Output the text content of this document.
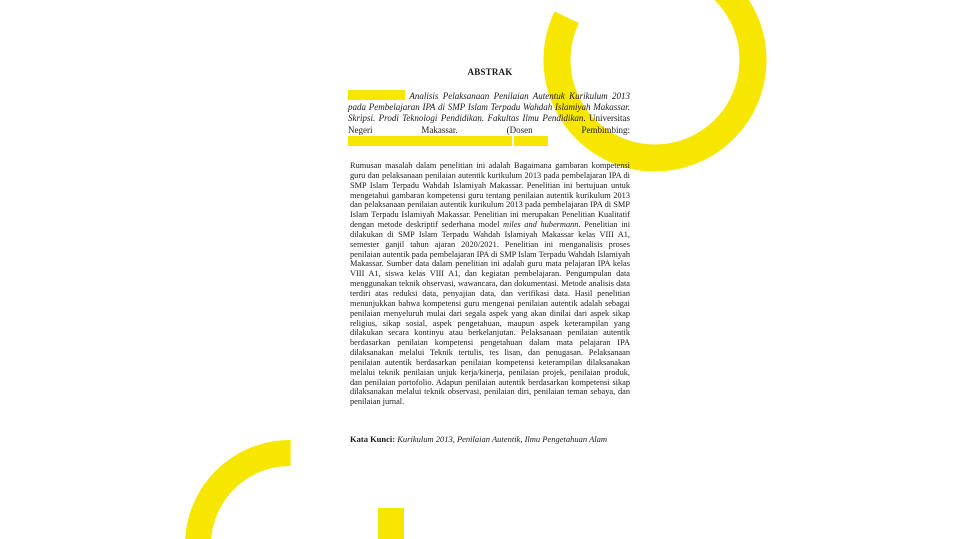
ABSTRAK
Analisis Pelaksanaan Penilaian Autentuk Kurikulum 2013 pada Pembelajaran IPA di SMP Islam Terpadu Wahdah Islamiyah Makassar. Skripsi. Prodi Teknologi Pendidikan. Fakultas Ilmu Pendidikan. Universitas Negeri Makassar. (Dosen Pembimbing:
Rumusan masalah dalam penelitian ini adalah Bagaimana gambaran kompetensi guru dan pelaksanaan penilaian autentik kurikulum 2013 pada pembelajaran IPA di SMP Islam Terpadu Wahdah Islamiyah Makassar. Penelitian ini bertujuan untuk mengetahui gambaran kompetensi guru tentang penilaian autentik kurikulum 2013 dan pelaksanaan penilaian autentik kurikulum 2013 pada pembelajaran IPA di SMP Islam Terpadu Islamiyah Makassar. Penelitian ini merupakan Penelitian Kualitatif dengan metode deskriptif sederhana model miles and hubermann. Penelitian ini dilakukan di SMP Islam Terpadu Wahdah Islamiyah Makassar kelas VIII A1, semester ganjil tahun ajaran 2020/2021. Penelitian ini menganalisis proses penilaian autentik pada pembelajaran IPA di SMP Islam Terpadu Wahdah Islamiyah Makassar. Sumber data dalam penelitian ini adalah guru mata pelajaran IPA kelas VIII A1, siswa kelas VIII A1, dan kegiatan pembelajaran. Pengumpulan data menggunakan teknik observasi, wawancara, dan dokumentasi. Metode analisis data terdiri atas reduksi data, penyajian data, dan verifikasi data. Hasil penelitian menunjukkan bahwa kompetensi guru mengenai penilaian autentik adalah sebagai penilaian menyeluruh mulai dari segala aspek yang akan dinilai dari aspek sikap religius, sikap sosial, aspek pengetahuan, maupun aspek keterampilan yang dilakukan secara kontinyu atau berkelanjutan. Pelaksanaan penilaian autentik berdasarkan penilaian kompetensi pengetahuan dalam mata pelajaran IPA dilaksanakan melalui Teknik tertulis, tes lisan, dan penugasan. Pelaksanaan penilaian autentik berdasarkan penilaian kompetensi keterampilan dilaksanakan melalui teknik penilaian unjuk kerja/kinerja, penilaian projek, penilaian produk, dan penilaian portofolio. Adapun penilaian autentik berdasarkan kompetensi sikap dilaksanakan melalui teknik observasi, penilaian diri, penilaian teman sebaya, dan penilaian jurnal.
Kata Kunci: Kurikulum 2013, Penilaian Autentik, Ilmu Pengetahuan Alam
